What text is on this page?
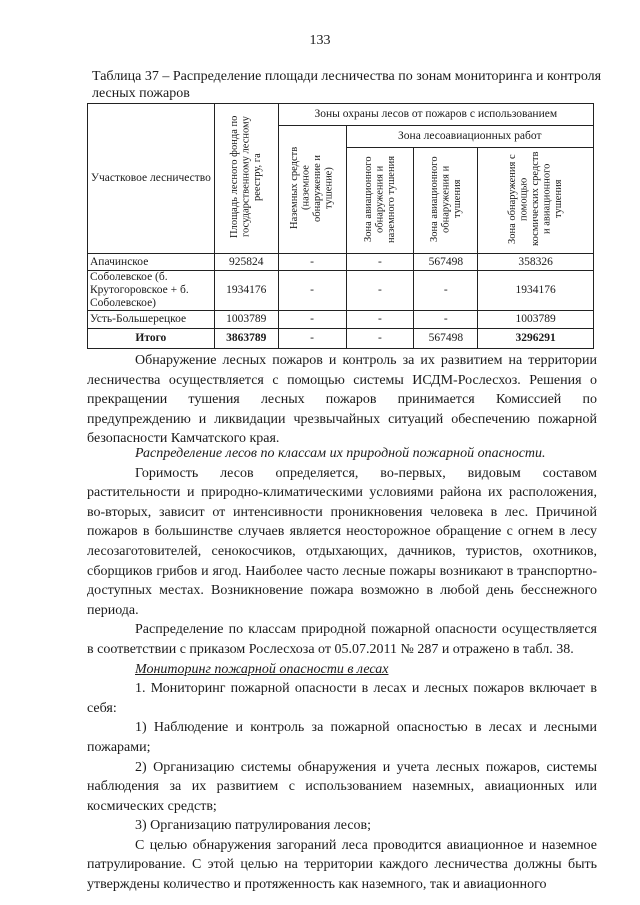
133
Таблица 37 – Распределение площади лесничества по зонам мониторинга и контроля лесных пожаров
Участковое лесничество	Площадь лесного фонда по государственному лесному реестру, га	Зоны охраны лесов от пожаров с использованием			
		Наземных средств (наземное обнаружение и тушение)	Зона лесоавиационных работ		
			Зона авиационного обнаружения и наземного тушения	Зона авиационного обнаружения и тушения	Зона обнаружения с помощью космических средств и авиационного тушения
Апачинское	925824	-	-	567498	358326
Соболевское (б. Крутогоровское + б. Соболевское)	1934176	-	-	-	1934176
Усть-Большерецкое	1003789	-	-	-	1003789
Итого	3863789	-	-	567498	3296291

Обнаружение лесных пожаров и контроль за их развитием на территории лесничества осуществляется с помощью системы ИСДМ-Рослесхоз. Решения о прекращении тушения лесных пожаров принимается Комиссией по предупреждению и ликвидации чрезвычайных ситуаций обеспечению пожарной безопасности Камчатского края.

Распределение лесов по классам их природной пожарной опасности.

Горимость лесов определяется, во-первых, видовым составом растительности и природно-климатическими условиями района их расположения, во-вторых, зависит от интенсивности проникновения человека в лес. Причиной пожаров в большинстве случаев является неосторожное обращение с огнем в лесу лесозаготовителей, сенокосчиков, отдыхающих, дачников, туристов, охотников, сборщиков грибов и ягод. Наиболее часто лесные пожары возникают в транспортно-доступных местах. Возникновение пожара возможно в любой день бесснежного периода.

Распределение по классам природной пожарной опасности осуществляется в соответствии с приказом Рослесхоза от 05.07.2011 № 287 и отражено в табл. 38.

Мониторинг пожарной опасности в лесах

1. Мониторинг пожарной опасности в лесах и лесных пожаров включает в себя:

1) Наблюдение и контроль за пожарной опасностью в лесах и лесными пожарами;

2) Организацию системы обнаружения и учета лесных пожаров, системы наблюдения за их развитием с использованием наземных, авиационных или космических средств;

3) Организацию патрулирования лесов;

С целью обнаружения загораний леса проводится авиационное и наземное патрулирование. С этой целью на территории каждого лесничества должны быть утверждены количество и протяженность как наземного, так и авиационного
